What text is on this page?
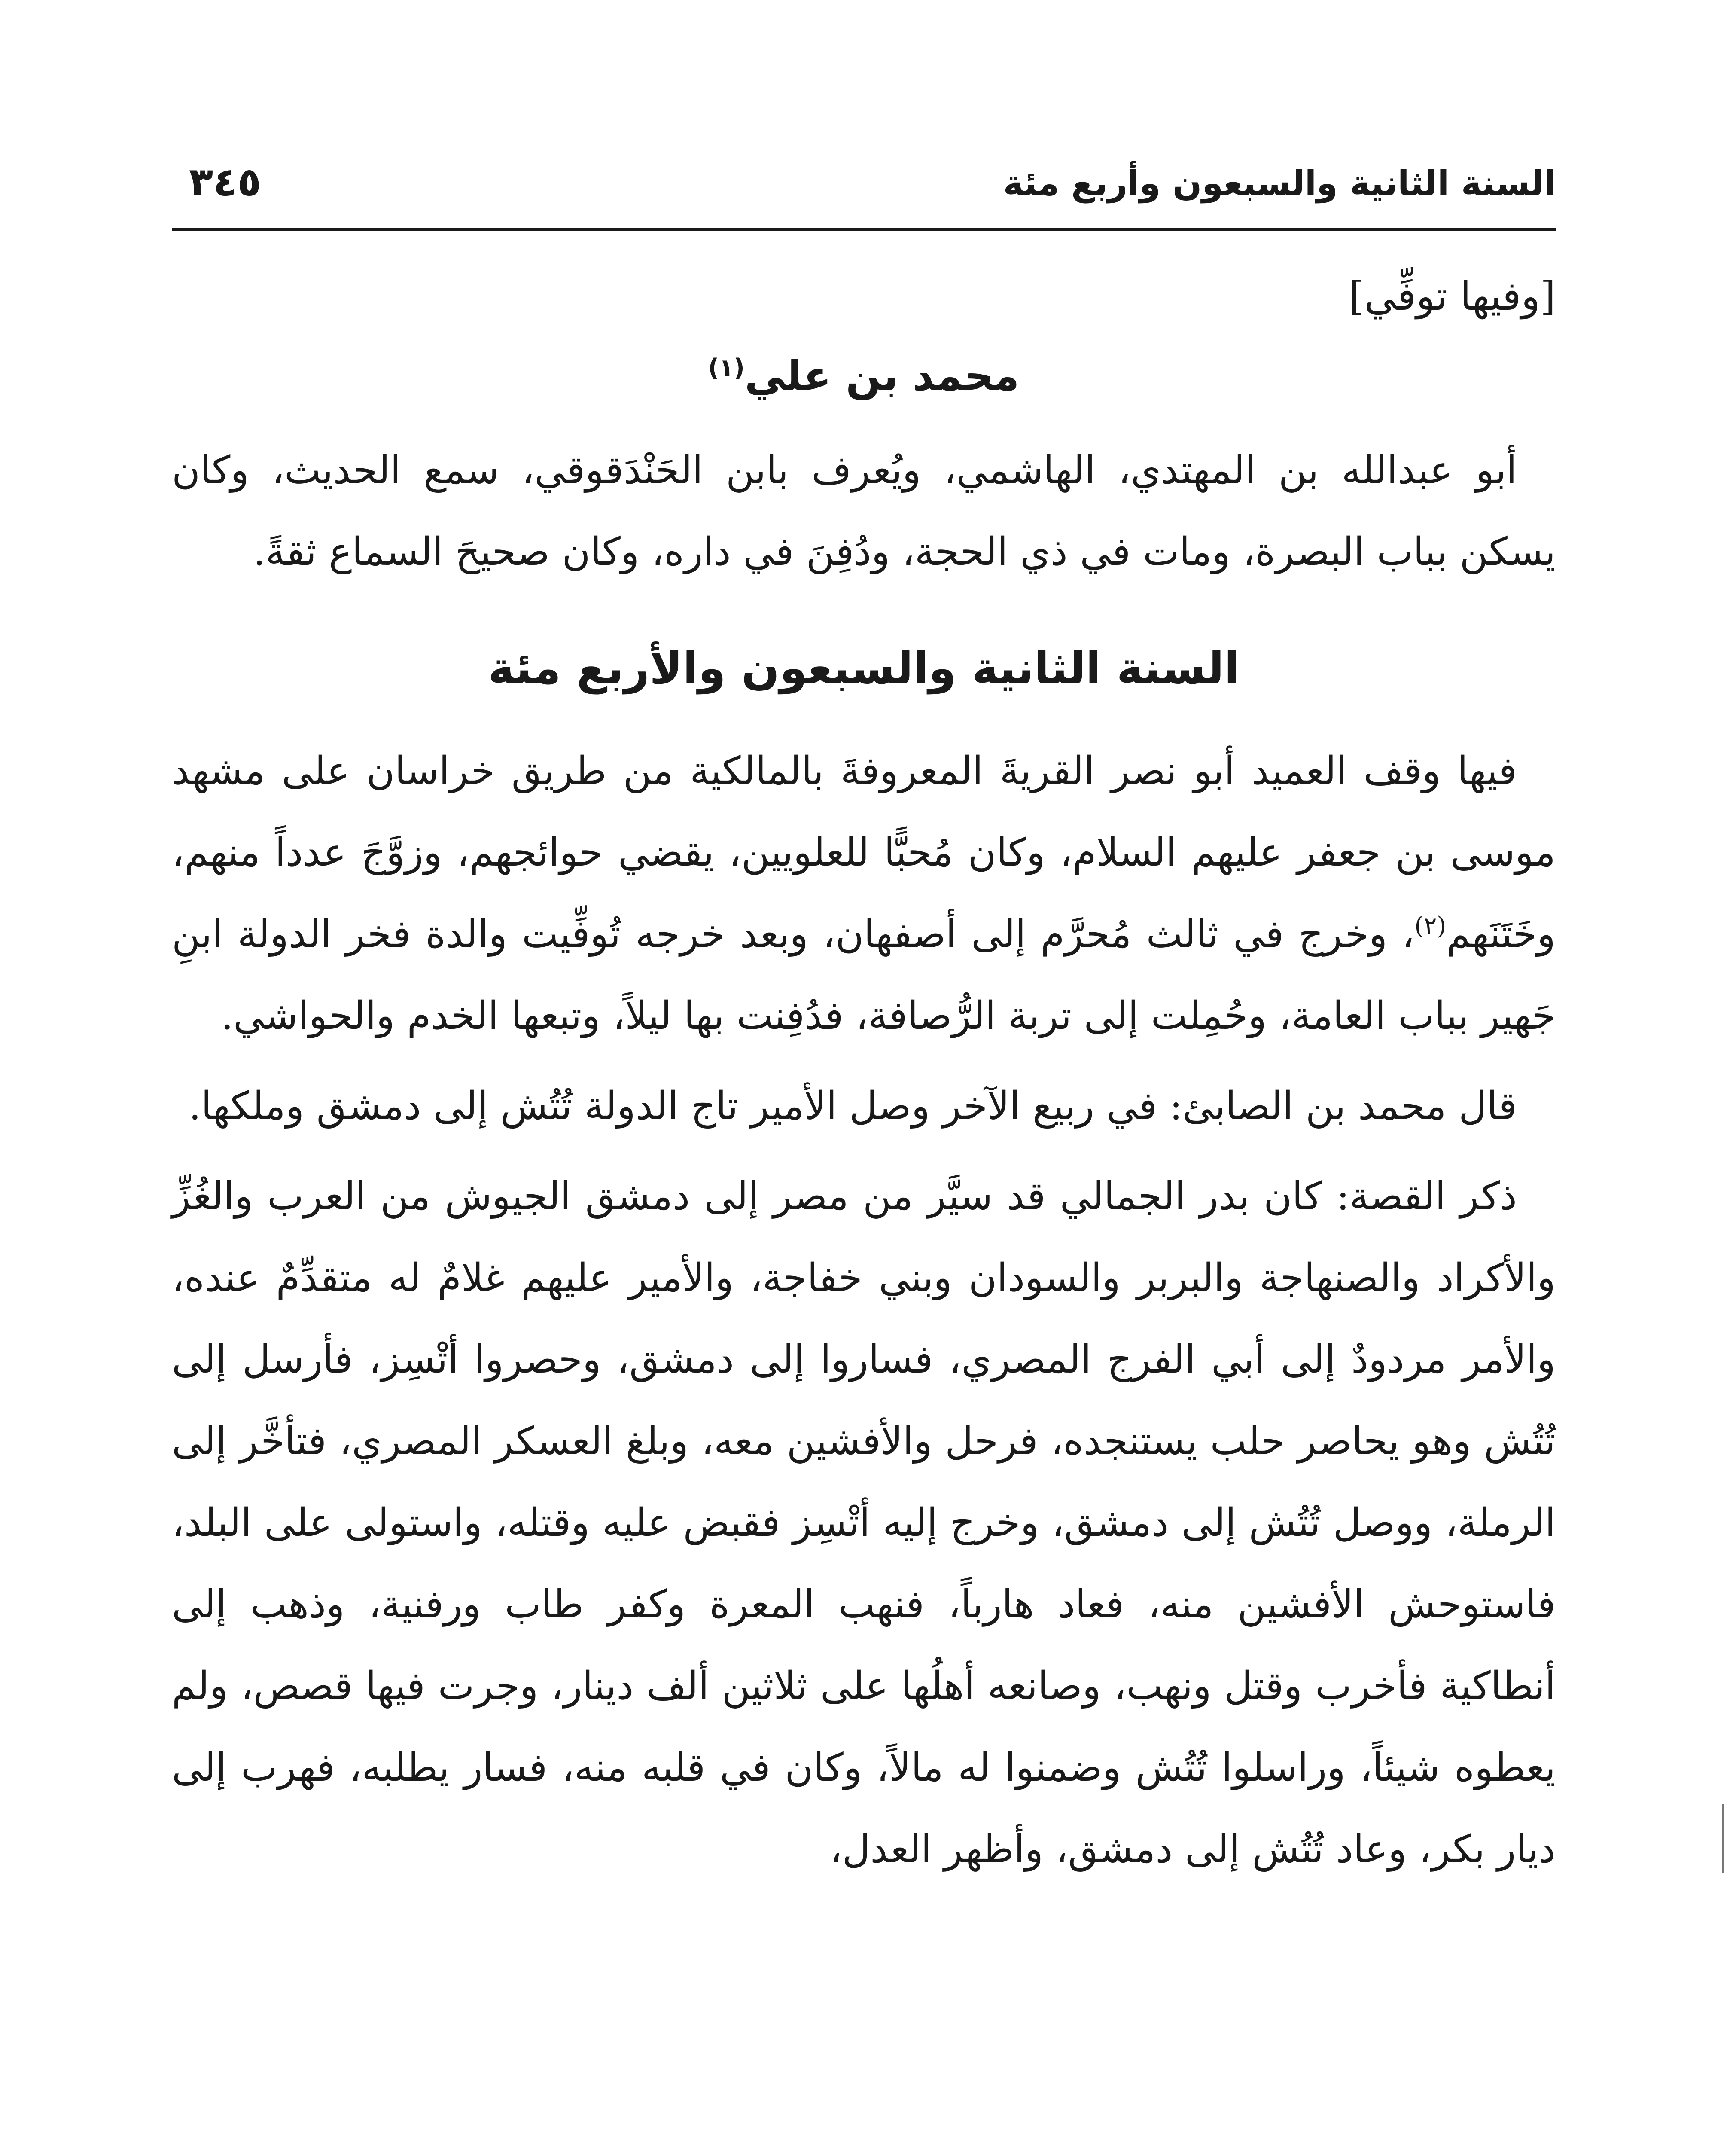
السنة الثانية والسبعون وأربع مئة
٣٤٥

[وفيها توفِّي]

محمد بن علي$^{(١)}$

أبو عبدالله بن المهتدي، الهاشمي، ويُعرف بابن الحَنْدَقوقي، سمع الحديث، وكان يسكن بباب البصرة، ومات في ذي الحجة، ودُفِنَ في داره، وكان صحيحَ السماع ثقةً.

السنة الثانية والسبعون والأربع مئة

فيها وقف العميد أبو نصر القريةَ المعروفةَ بالمالكية من طريق خراسان على مشهد موسى بن جعفر عليهم السلام، وكان مُحبًّا للعلويين، يقضي حوائجهم، وزوَّجَ عدداً منهم، وخَتَنَهم$^{(٢)}$، وخرج في ثالث مُحرَّم إلى أصفهان، وبعد خرجه تُوفِّيت والدة فخر الدولة ابنِ جَهير بباب العامة، وحُمِلت إلى تربة الرُّصافة، فدُفِنت بها ليلاً، وتبعها الخدم والحواشي.

قال محمد بن الصابئ: في ربيع الآخر وصل الأمير تاج الدولة تُتُش إلى دمشق وملكها.

ذكر القصة: كان بدر الجمالي قد سيَّر من مصر إلى دمشق الجيوش من العرب والغُزِّ والأكراد والصنهاجة والبربر والسودان وبني خفاجة، والأمير عليهم غلامٌ له متقدِّمٌ عنده، والأمر مردودٌ إلى أبي الفرج المصري، فساروا إلى دمشق، وحصروا أتْسِز، فأرسل إلى تُتُش وهو يحاصر حلب يستنجده، فرحل والأفشين معه، وبلغ العسكر المصري، فتأخَّر إلى الرملة، ووصل تُتُش إلى دمشق، وخرج إليه أتْسِز فقبض عليه وقتله، واستولى على البلد، فاستوحش الأفشين منه، فعاد هارباً، فنهب المعرة وكفر طاب ورفنية، وذهب إلى أنطاكية فأخرب وقتل ونهب، وصانعه أهلُها على ثلاثين ألف دينار، وجرت فيها قصص، ولم يعطوه شيئاً، وراسلوا تُتُش وضمنوا له مالاً، وكان في قلبه منه، فسار يطلبه، فهرب إلى ديار بكر، وعاد تُتُش إلى دمشق، وأظهر العدل،
